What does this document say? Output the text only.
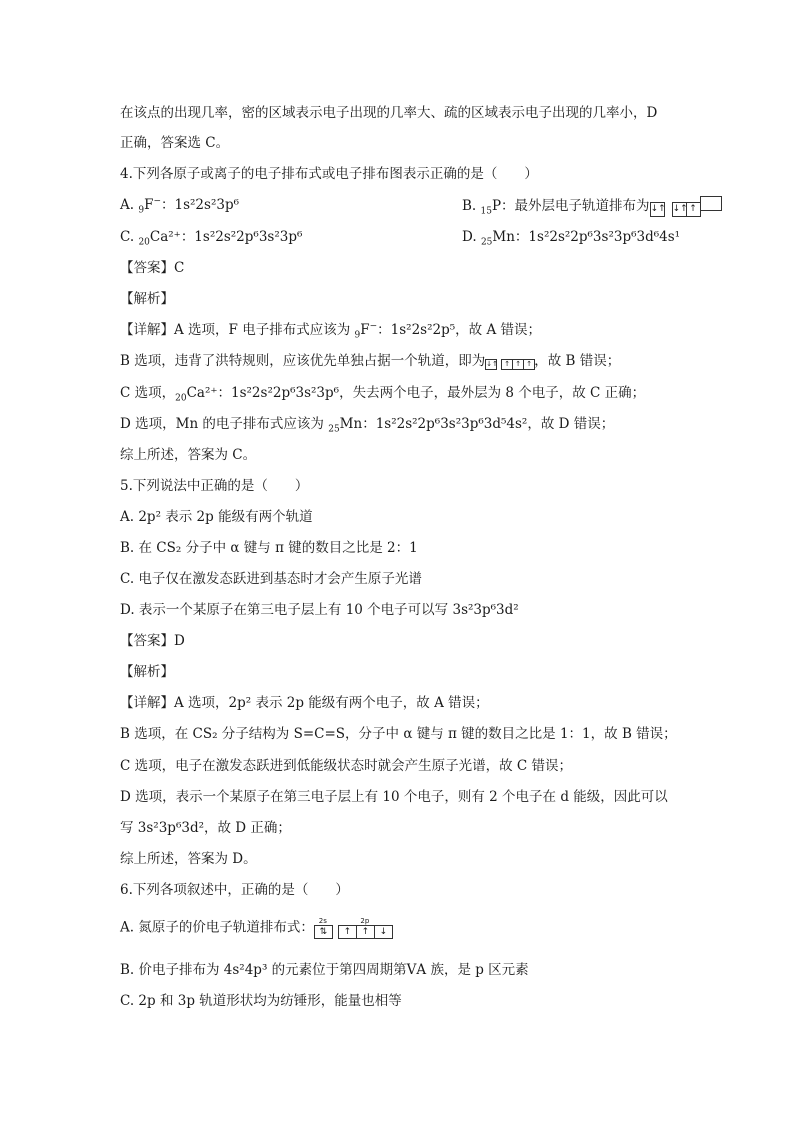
在该点的出现几率，密的区域表示电子出现的几率大、疏的区域表示电子出现的几率小，D
正确，答案选 C。
4.下列各原子或离子的电子排布式或电子排布图表示正确的是（　　）
A. $_9$F−：1s²2s²3p⁶	B. $_{15}$P：最外层电子轨道排布为↓↑ ↓↑ ↑
C. $_{20}$Ca²⁺：1s²2s²2p⁶3s²3p⁶	D. $_{25}$Mn：1s²2s²2p⁶3s²3p⁶3d⁶4s¹
【答案】C
【解析】
【详解】A 选项，F 电子排布式应该为 $_9$F−：1s²2s²2p⁵，故 A 错误；
B 选项，违背了洪特规则，应该优先单独占据一个轨道，即为↓↑ ↑ ↑ ↑ ，故 B 错误；
C 选项，$_{20}$Ca²⁺：1s²2s²2p⁶3s²3p⁶，失去两个电子，最外层为 8 个电子，故 C 正确；
D 选项，Mn 的电子排布式应该为 $_{25}$Mn：1s²2s²2p⁶3s²3p⁶3d⁵4s²，故 D 错误；
综上所述，答案为 C。
5.下列说法中正确的是（　　）
A. 2p² 表示 2p 能级有两个轨道
B. 在 CS₂ 分子中 α 键与 π 键的数目之比是 2：1
C. 电子仅在激发态跃进到基态时才会产生原子光谱
D. 表示一个某原子在第三电子层上有 10 个电子可以写 3s²3p⁶3d²
【答案】D
【解析】
【详解】A 选项，2p² 表示 2p 能级有两个电子，故 A 错误；
B 选项，在 CS₂ 分子结构为 S=C=S，分子中 α 键与 π 键的数目之比是 1：1，故 B 错误；
C 选项，电子在激发态跃进到低能级状态时就会产生原子光谱，故 C 错误；
D 选项，表示一个某原子在第三电子层上有 10 个电子，则有 2 个电子在 d 能级，因此可以
写 3s²3p⁶3d²，故 D 正确；
综上所述，答案为 D。
6.下列各项叙述中，正确的是（　　）
A. 氮原子的价电子轨道排布式： 2s
⇅
2p
↑	↑	↓
B. 价电子排布为 4s²4p³ 的元素位于第四周期第ⅤA 族，是 p 区元素
C. 2p 和 3p 轨道形状均为纺锤形，能量也相等
